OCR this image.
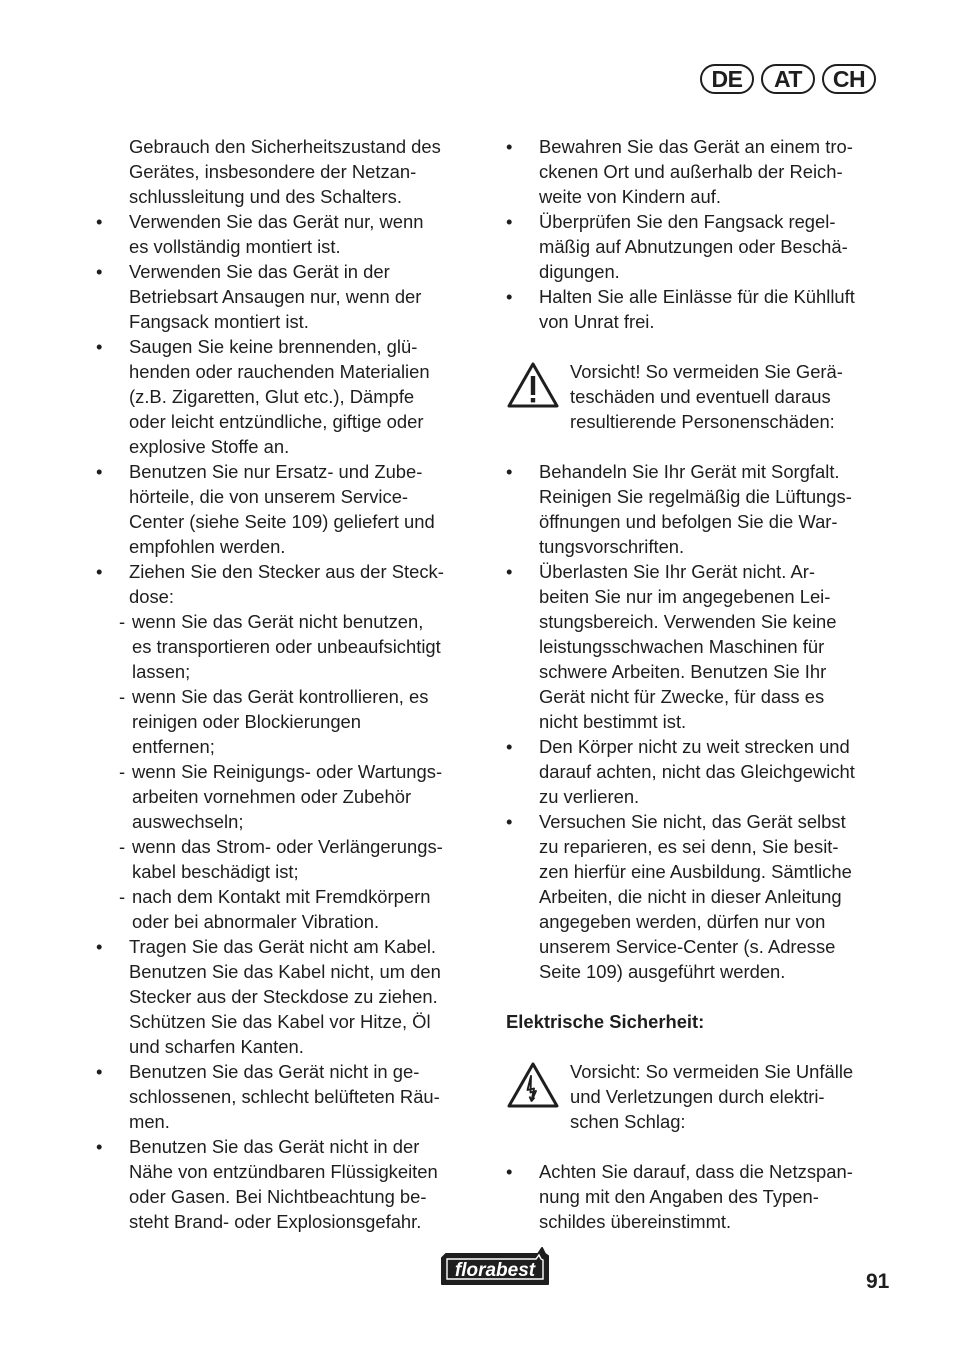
DE	AT	CH
Gebrauch den Sicherheitszustand des
Gerätes, insbesondere der Netzan-
schlussleitung und des Schalters.
• Verwenden Sie das Gerät nur, wenn
es vollständig montiert ist.
• Verwenden Sie das Gerät in der
Betriebsart Ansaugen nur, wenn der
Fangsack montiert ist.
• Saugen Sie keine brennenden, glü-
henden oder rauchenden Materialien
(z.B. Zigaretten, Glut etc.), Dämpfe
oder leicht entzündliche, giftige oder
explosive Stoffe an.
• Benutzen Sie nur Ersatz- und Zube-
hörteile, die von unserem Service-
Center (siehe Seite 109) geliefert und
empfohlen werden.
• Ziehen Sie den Stecker aus der Steck-
dose:
- wenn Sie das Gerät nicht benutzen,
es transportieren oder unbeaufsichtigt
lassen;
- wenn Sie das Gerät kontrollieren, es
reinigen oder Blockierungen
entfernen;
- wenn Sie Reinigungs- oder Wartungs-
arbeiten vornehmen oder Zubehör
auswechseln;
- wenn das Strom- oder Verlängerungs-
kabel beschädigt ist;
- nach dem Kontakt mit Fremdkörpern
oder bei abnormaler Vibration.
• Tragen Sie das Gerät nicht am Kabel.
Benutzen Sie das Kabel nicht, um den
Stecker aus der Steckdose zu ziehen.
Schützen Sie das Kabel vor Hitze, Öl
und scharfen Kanten.
• Benutzen Sie das Gerät nicht in ge-
schlossenen, schlecht belüfteten Räu-
men.
• Benutzen Sie das Gerät nicht in der
Nähe von entzündbaren Flüssigkeiten
oder Gasen. Bei Nichtbeachtung be-
steht Brand- oder Explosionsgefahr.
• Bewahren Sie das Gerät an einem tro-
ckenen Ort und außerhalb der Reich-
weite von Kindern auf.
• Überprüfen Sie den Fangsack regel-
mäßig auf Abnutzungen oder Beschä-
digungen.
• Halten Sie alle Einlässe für die Kühlluft
von Unrat frei.
Vorsicht! So vermeiden Sie Gerä-
teschäden und eventuell daraus
resultierende Personenschäden:
• Behandeln Sie Ihr Gerät mit Sorgfalt.
Reinigen Sie regelmäßig die Lüftungs-
öffnungen und befolgen Sie die War-
tungsvorschriften.
• Überlasten Sie Ihr Gerät nicht. Ar-
beiten Sie nur im angegebenen Lei-
stungsbereich. Verwenden Sie keine
leistungsschwachen Maschinen für
schwere Arbeiten. Benutzen Sie Ihr
Gerät nicht für Zwecke, für dass es
nicht bestimmt ist.
• Den Körper nicht zu weit strecken und
darauf achten, nicht das Gleichgewicht
zu verlieren.
• Versuchen Sie nicht, das Gerät selbst
zu reparieren, es sei denn, Sie besit-
zen hierfür eine Ausbildung. Sämtliche
Arbeiten, die nicht in dieser Anleitung
angegeben werden, dürfen nur von
unserem Service-Center (s. Adresse
Seite 109) ausgeführt werden.
Elektrische Sicherheit:
Vorsicht: So vermeiden Sie Unfälle
und Verletzungen durch elektri-
schen Schlag:
• Achten Sie darauf, dass die Netzspan-
nung mit den Angaben des Typen-
schildes übereinstimmt.
florabest	91
